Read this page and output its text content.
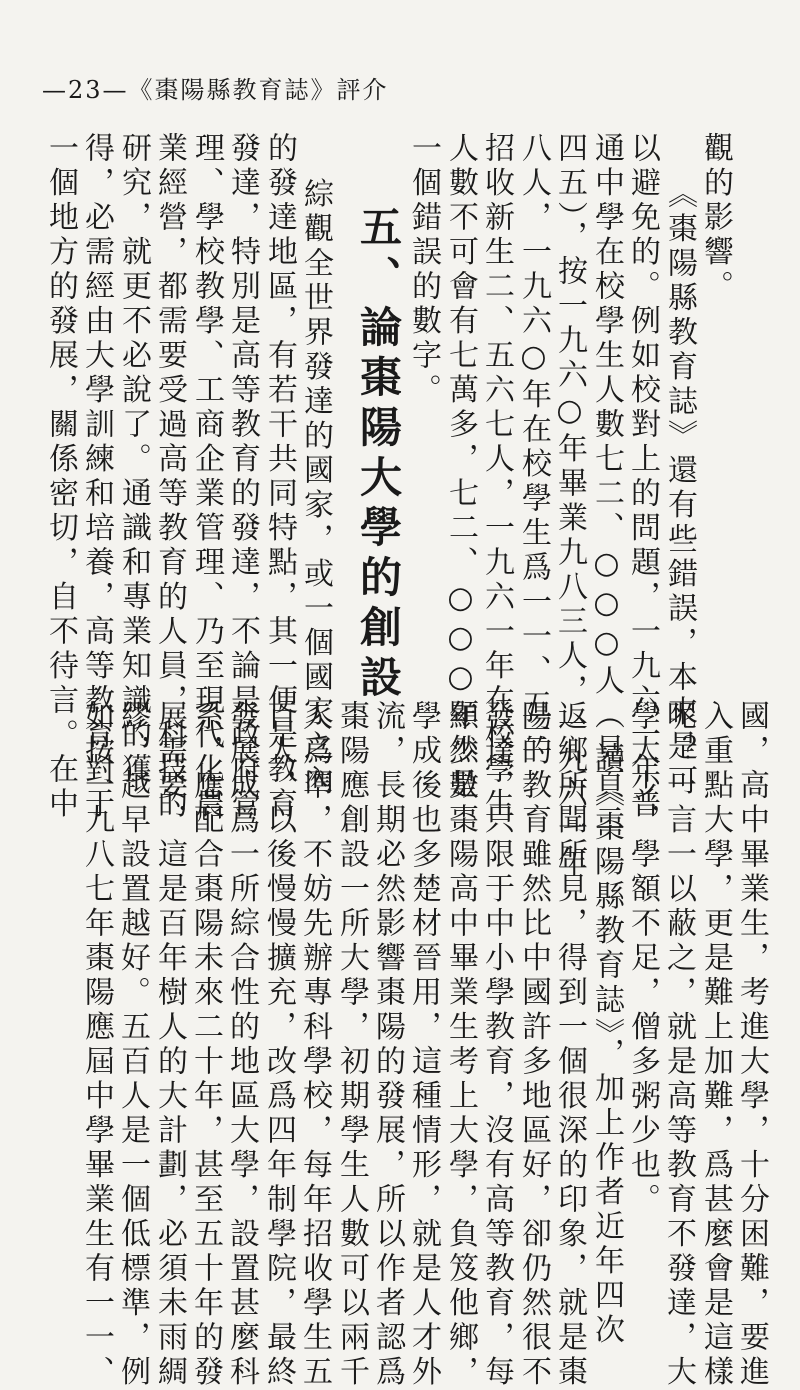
—23—《棗陽縣教育誌》評介
五、論棗陽大學的創設	觀的影響。
《棗陽縣教育誌》還有些錯誤，本來是可
以避免的。例如校對上的問題，一九六一年普
通中學在校學生人數七二、○○○人（見頁二
四五），按一九六○年畢業九八三人，一九六一年
八人，一九六○年在校學生爲一一、五三
招收新生二、五六七人，一九六一年在校學生
人數不可會有七萬多，七二、○○○顯然是
一個錯誤的數字。
綜觀全世界發達的國家，或一個國家之內
的發達地區，有若干共同特點，其一便是教育
發達，特別是高等教育的發達，不論是政府管
理、學校教學、工商企業管理、乃至現代化農
業經營，都需要受過高等教育的人員，科技的
研究，就更不必說了。通識和專業知識的獲
得，必需經由大學訓練和培養，高等教育對于
一個地方的發展，關係密切，自不待言。在中
國，高中畢業生，考進大學，十分困難，要進
入重點大學，更是難上加難，爲甚麼會是這樣
呢？一言一以蔽之，就是高等教育不發達，大
學太少，學額不足，僧多粥少也。
讀《棗陽縣教育誌》，加上作者近年四次
返鄉所聞所見，得到一個很深的印象，就是棗
陽的教育雖然比中國許多地區好，卻仍然很不
發達，只限于中小學教育，沒有高等教育，每
年少數棗陽高中畢業生考上大學，負笈他鄉，
學成後也多楚材晉用，這種情形，就是人才外
流，長期必然影響棗陽的發展，所以作者認爲
棗陽應創設一所大學，初期學生人數可以兩千
人爲準，不妨先辦專科學校，每年招收學生五
百人，以後慢慢擴充，改爲四年制學院，最終
發展成爲一所綜合性的地區大學，設置甚麼科
系，應配合棗陽未來二十年，甚至五十年的發
展需要，這是百年樹人的大計劃，必須未雨綢
繆，越早設置越好。五百人是一個低標準，例
如按一九八七年棗陽應屆中學畢業生有一一、
